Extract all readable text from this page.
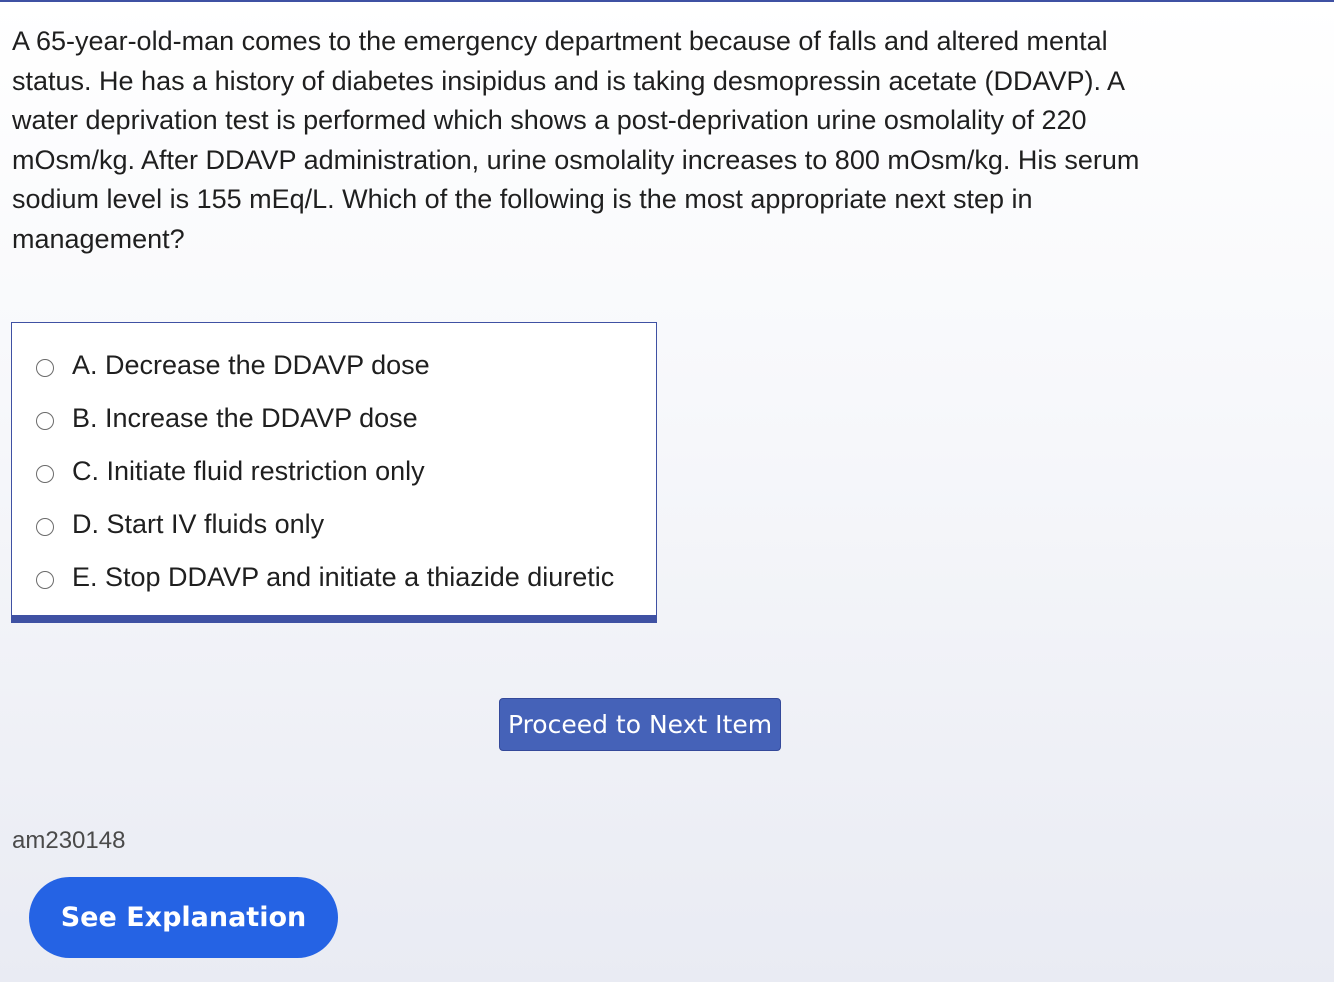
A 65-year-old-man comes to the emergency department because of falls and altered mental status. He has a history of diabetes insipidus and is taking desmopressin acetate (DDAVP). A water deprivation test is performed which shows a post-deprivation urine osmolality of 220 mOsm/kg. After DDAVP administration, urine osmolality increases to 800 mOsm/kg. His serum sodium level is 155 mEq/L. Which of the following is the most appropriate next step in management?

A. Decrease the DDAVP dose
B. Increase the DDAVP dose
C. Initiate fluid restriction only
D. Start IV fluids only
E. Stop DDAVP and initiate a thiazide diuretic
Proceed to Next Item
am230148
See Explanation
